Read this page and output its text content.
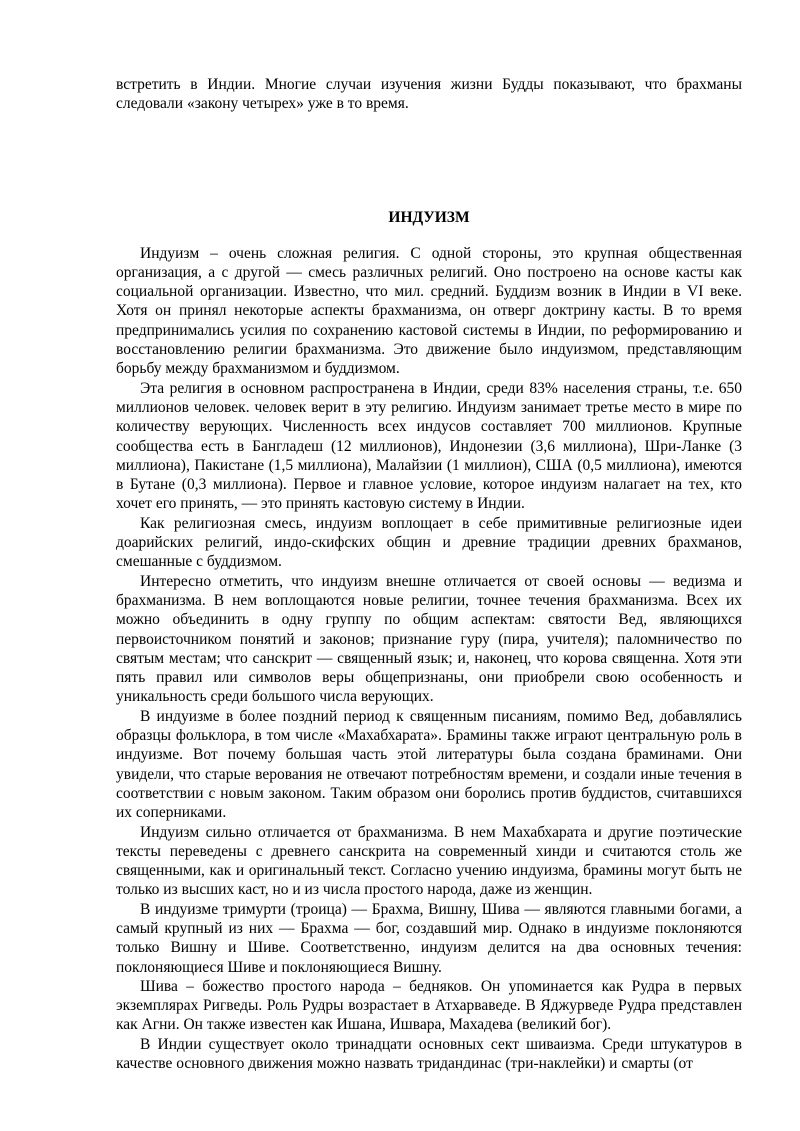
встретить в Индии. Многие случаи изучения жизни Будды показывают, что брахманы следовали «закону четырех» уже в то время.

ИНДУИЗМ

Индуизм – очень сложная религия. С одной стороны, это крупная общественная организация, а с другой — смесь различных религий. Оно построено на основе касты как социальной организации. Известно, что мил. средний. Буддизм возник в Индии в VI веке. Хотя он принял некоторые аспекты брахманизма, он отверг доктрину касты. В то время предпринимались усилия по сохранению кастовой системы в Индии, по реформированию и восстановлению религии брахманизма. Это движение было индуизмом, представляющим борьбу между брахманизмом и буддизмом.

Эта религия в основном распространена в Индии, среди 83% населения страны, т.е. 650 миллионов человек. человек верит в эту религию. Индуизм занимает третье место в мире по количеству верующих. Численность всех индусов составляет 700 миллионов. Крупные сообщества есть в Бангладеш (12 миллионов), Индонезии (3,6 миллиона), Шри-Ланке (3 миллиона), Пакистане (1,5 миллиона), Малайзии (1 миллион), США (0,5 миллиона), имеются в Бутане (0,3 миллиона). Первое и главное условие, которое индуизм налагает на тех, кто хочет его принять, — это принять кастовую систему в Индии.

Как религиозная смесь, индуизм воплощает в себе примитивные религиозные идеи доарийских религий, индо-скифских общин и древние традиции древних брахманов, смешанные с буддизмом.

Интересно отметить, что индуизм внешне отличается от своей основы — ведизма и брахманизма. В нем воплощаются новые религии, точнее течения брахманизма. Всех их можно объединить в одну группу по общим аспектам: святости Вед, являющихся первоисточником понятий и законов; признание гуру (пира, учителя); паломничество по святым местам; что санскрит — священный язык; и, наконец, что корова священна. Хотя эти пять правил или символов веры общепризнаны, они приобрели свою особенность и уникальность среди большого числа верующих.

В индуизме в более поздний период к священным писаниям, помимо Вед, добавлялись образцы фольклора, в том числе «Махабхарата». Брамины также играют центральную роль в индуизме. Вот почему большая часть этой литературы была создана браминами. Они увидели, что старые верования не отвечают потребностям времени, и создали иные течения в соответствии с новым законом. Таким образом они боролись против буддистов, считавшихся их соперниками.

Индуизм сильно отличается от брахманизма. В нем Махабхарата и другие поэтические тексты переведены с древнего санскрита на современный хинди и считаются столь же священными, как и оригинальный текст. Согласно учению индуизма, брамины могут быть не только из высших каст, но и из числа простого народа, даже из женщин.

В индуизме тримурти (троица) — Брахма, Вишну, Шива — являются главными богами, а самый крупный из них — Брахма — бог, создавший мир. Однако в индуизме поклоняются только Вишну и Шиве. Соответственно, индуизм делится на два основных течения: поклоняющиеся Шиве и поклоняющиеся Вишну.

Шива – божество простого народа – бедняков. Он упоминается как Рудра в первых экземплярах Ригведы. Роль Рудры возрастает в Атхарваведе. В Яджурведе Рудра представлен как Агни. Он также известен как Ишана, Ишвара, Махадева (великий бог).

В Индии существует около тринадцати основных сект шиваизма. Среди штукатуров в качестве основного движения можно назвать тридандинас (три-наклейки) и смарты (от
